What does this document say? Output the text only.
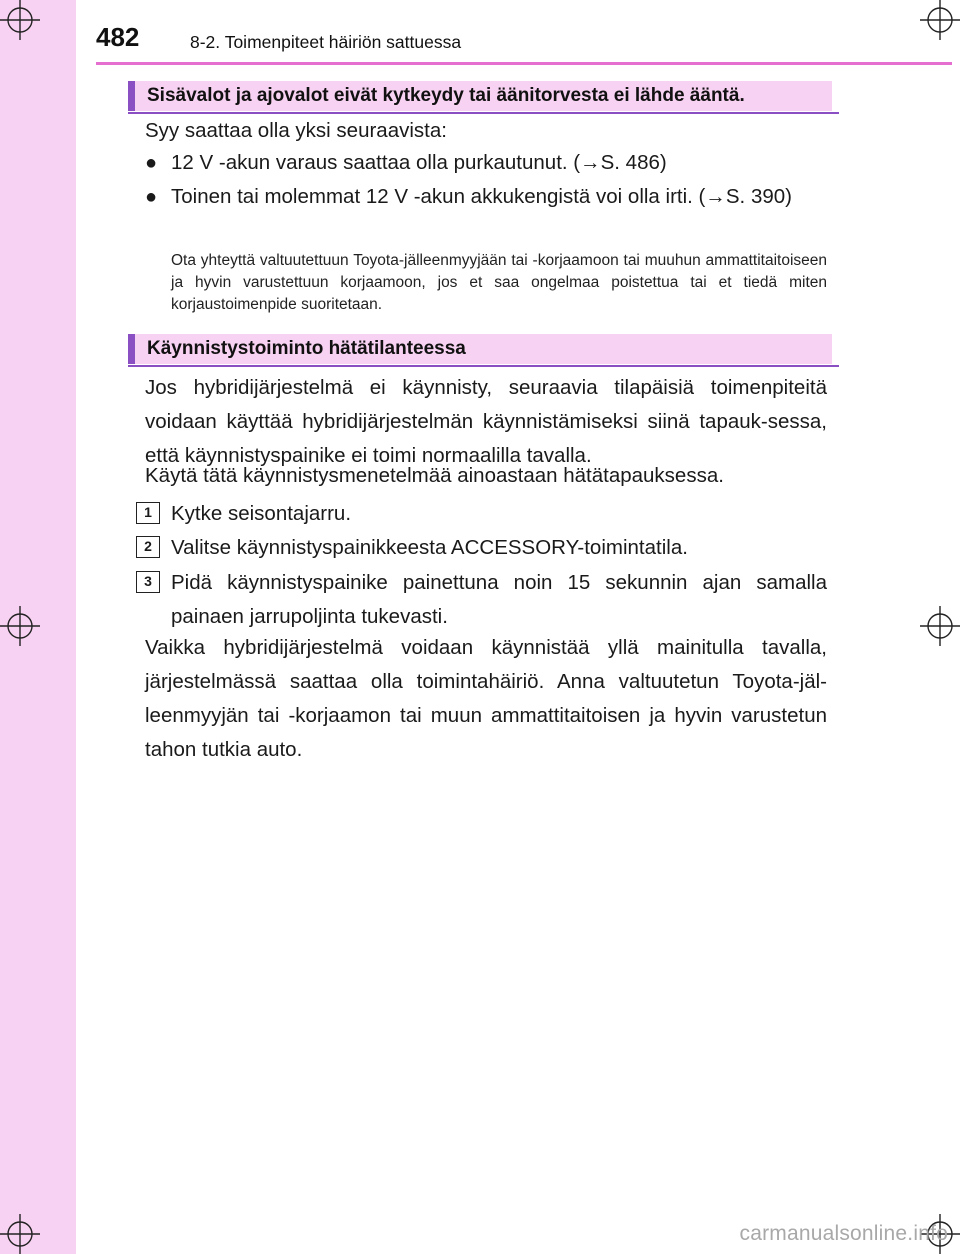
482	8-2. Toimenpiteet häiriön sattuessa
Sisävalot ja ajovalot eivät kytkeydy tai äänitorvesta ei lähde ääntä.
Syy saattaa olla yksi seuraavista:
● 12 V -akun varaus saattaa olla purkautunut. (→S. 486)
● Toinen tai molemmat 12 V -akun akkukengistä voi olla irti. (→S. 390)
Ota yhteyttä valtuutettuun Toyota-jälleenmyyjään tai -korjaamoon tai muuhun ammattitaitoiseen ja hyvin varustettuun korjaamoon, jos et saa ongelmaa poistettua tai et tiedä miten korjaustoimenpide suoritetaan.
Käynnistystoiminto hätätilanteessa
Jos hybridijärjestelmä ei käynnisty, seuraavia tilapäisiä toimenpiteitä voidaan käyttää hybridijärjestelmän käynnistämiseksi siinä tapauk-sessa, että käynnistyspainike ei toimi normaalilla tavalla.
Käytä tätä käynnistysmenetelmää ainoastaan hätätapauksessa.
1 Kytke seisontajarru.
2 Valitse käynnistyspainikkeesta ACCESSORY-toimintatila.
3 Pidä käynnistyspainike painettuna noin 15 sekunnin ajan samalla painaen jarrupoljinta tukevasti.
Vaikka hybridijärjestelmä voidaan käynnistää yllä mainitulla tavalla, järjestelmässä saattaa olla toimintahäiriö. Anna valtuutetun Toyota-jäl-leenmyyjän tai -korjaamon tai muun ammattitaitoisen ja hyvin varustetun tahon tutkia auto.
carmanualsonline.info
